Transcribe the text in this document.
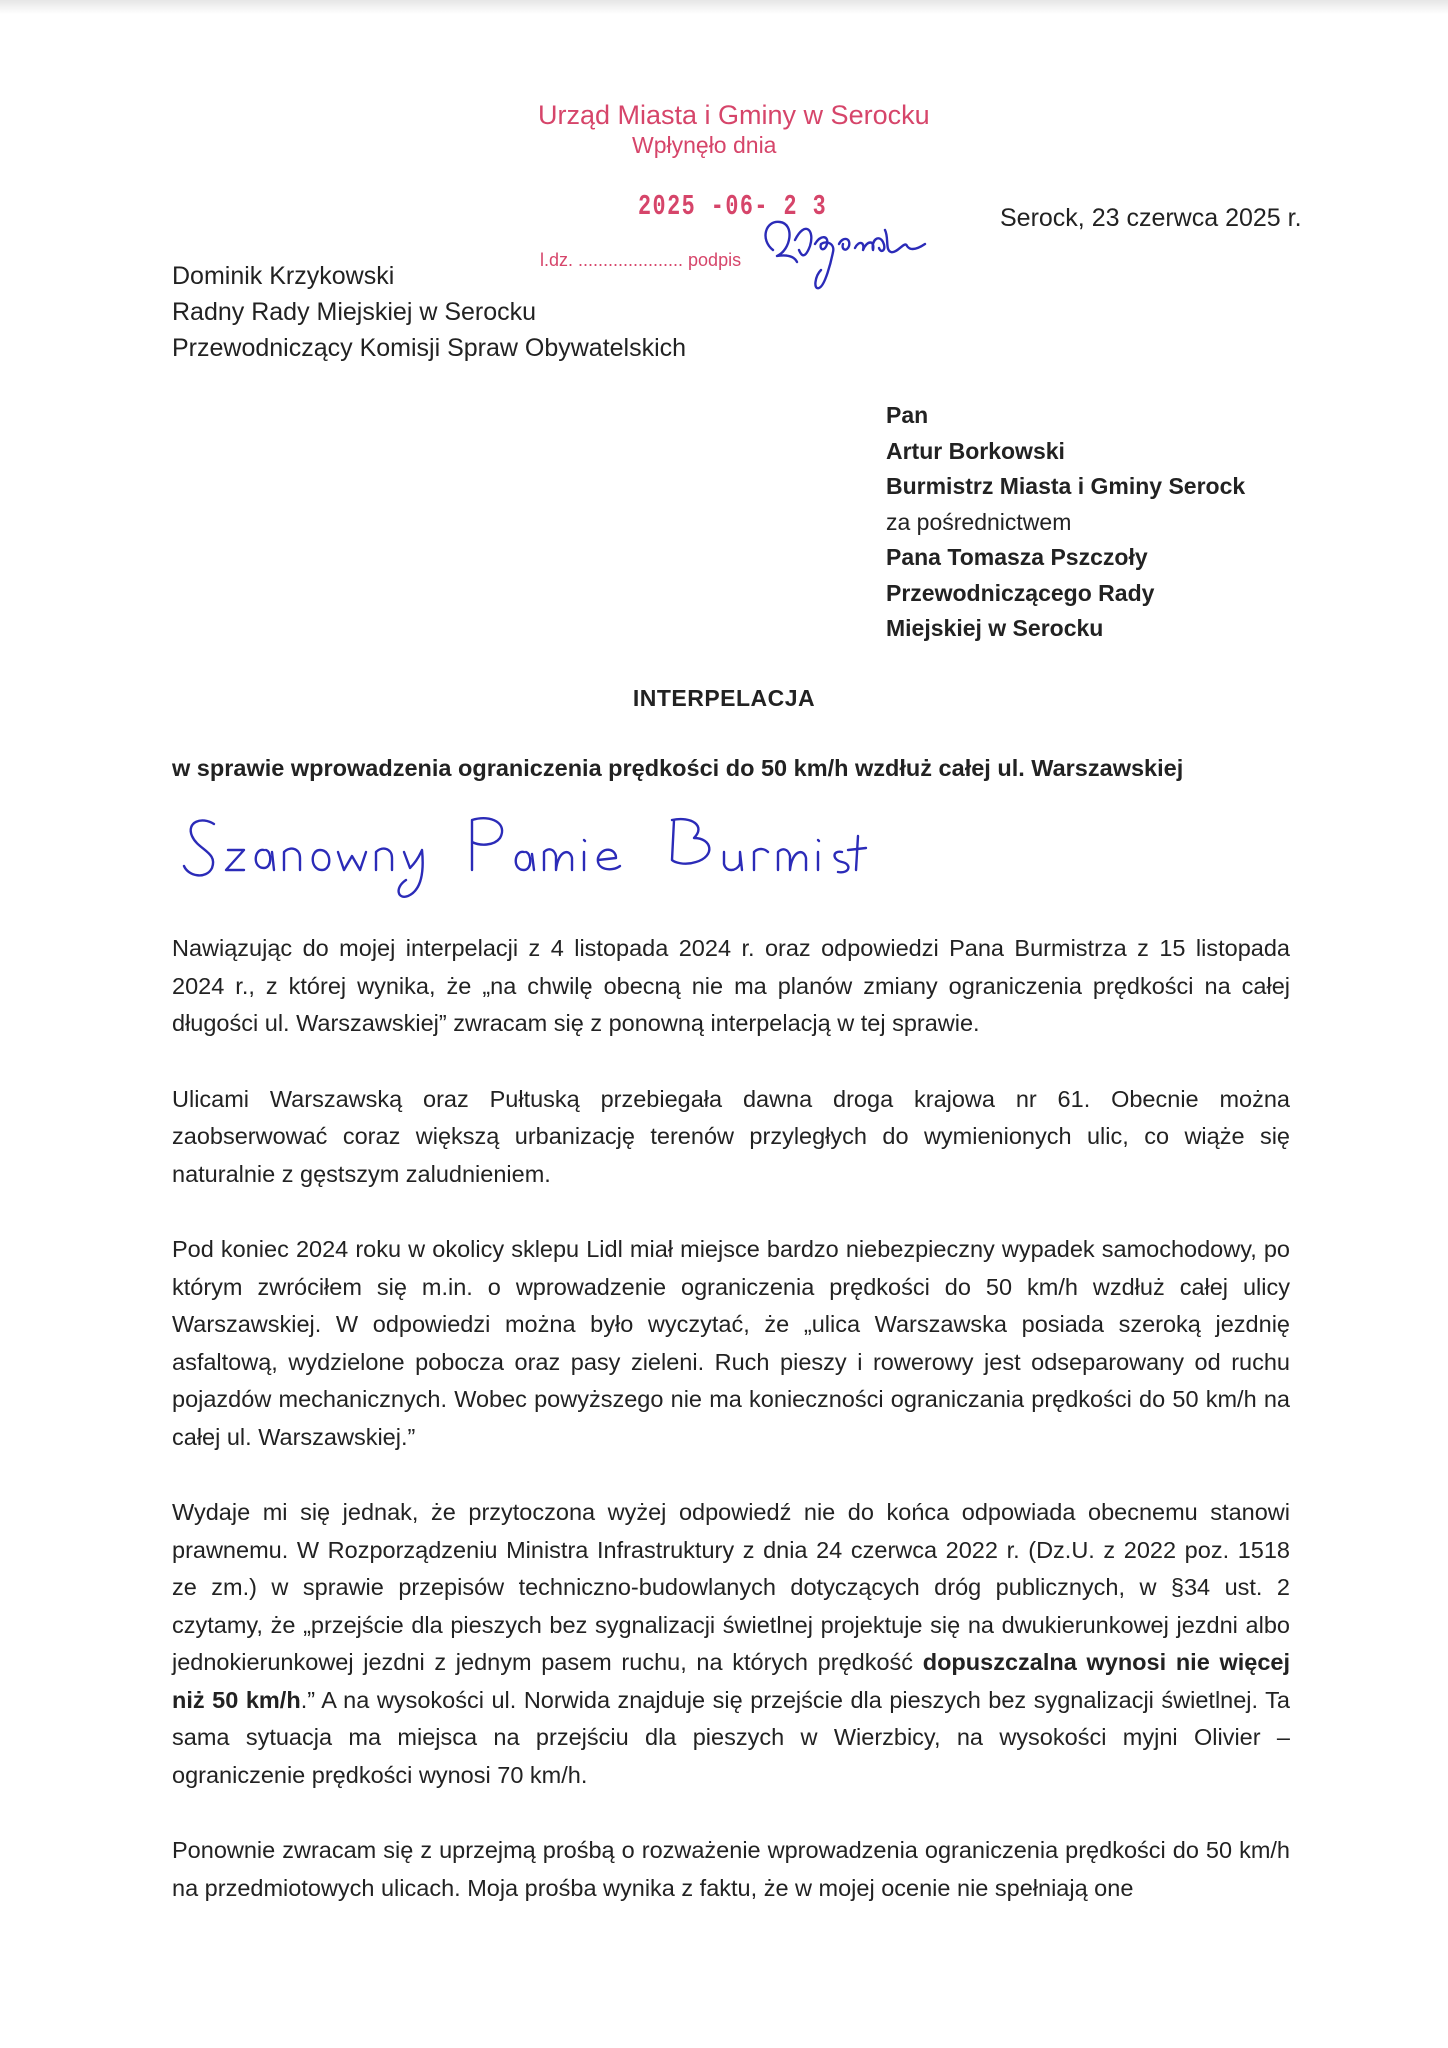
Urząd Miasta i Gminy w Serocku
Wpłynęło dnia
2025 -06- 2 3
l.dz. ..................... podpis
Serock, 23 czerwca 2025 r.
Dominik Krzykowski
Radny Rady Miejskiej w Serocku
Przewodniczący Komisji Spraw Obywatelskich
Pan
Artur Borkowski
Burmistrz Miasta i Gminy Serock
za pośrednictwem
Pana Tomasza Pszczoły
Przewodniczącego Rady
Miejskiej w Serocku
INTERPELACJA
w sprawie wprowadzenia ograniczenia prędkości do 50 km/h wzdłuż całej ul. Warszawskiej

Nawiązując do mojej interpelacji z 4 listopada 2024 r. oraz odpowiedzi Pana Burmistrza z 15 listopada 2024 r., z której wynika, że „na chwilę obecną nie ma planów zmiany ograniczenia prędkości na całej długości ul. Warszawskiej” zwracam się z ponowną interpelacją w tej sprawie.

Ulicami Warszawską oraz Pułtuską przebiegała dawna droga krajowa nr 61. Obecnie można zaobserwować coraz większą urbanizację terenów przyległych do wymienionych ulic, co wiąże się naturalnie z gęstszym zaludnieniem.

Pod koniec 2024 roku w okolicy sklepu Lidl miał miejsce bardzo niebezpieczny wypadek samochodowy, po którym zwróciłem się m.in. o wprowadzenie ograniczenia prędkości do 50 km/h wzdłuż całej ulicy Warszawskiej. W odpowiedzi można było wyczytać, że „ulica Warszawska posiada szeroką jezdnię asfaltową, wydzielone pobocza oraz pasy zieleni. Ruch pieszy i rowerowy jest odseparowany od ruchu pojazdów mechanicznych. Wobec powyższego nie ma konieczności ograniczania prędkości do 50 km/h na całej ul. Warszawskiej.”

Wydaje mi się jednak, że przytoczona wyżej odpowiedź nie do końca odpowiada obecnemu stanowi prawnemu. W Rozporządzeniu Ministra Infrastruktury z dnia 24 czerwca 2022 r. (Dz.U. z 2022 poz. 1518 ze zm.) w sprawie przepisów techniczno-budowlanych dotyczących dróg publicznych, w §34 ust. 2 czytamy, że „przejście dla pieszych bez sygnalizacji świetlnej projektuje się na dwukierunkowej jezdni albo jednokierunkowej jezdni z jednym pasem ruchu, na których prędkość dopuszczalna wynosi nie więcej niż 50 km/h.” A na wysokości ul. Norwida znajduje się przejście dla pieszych bez sygnalizacji świetlnej. Ta sama sytuacja ma miejsca na przejściu dla pieszych w Wierzbicy, na wysokości myjni Olivier – ograniczenie prędkości wynosi 70 km/h.

Ponownie zwracam się z uprzejmą prośbą o rozważenie wprowadzenia ograniczenia prędkości do 50 km/h na przedmiotowych ulicach. Moja prośba wynika z faktu, że w mojej ocenie nie spełniają one
